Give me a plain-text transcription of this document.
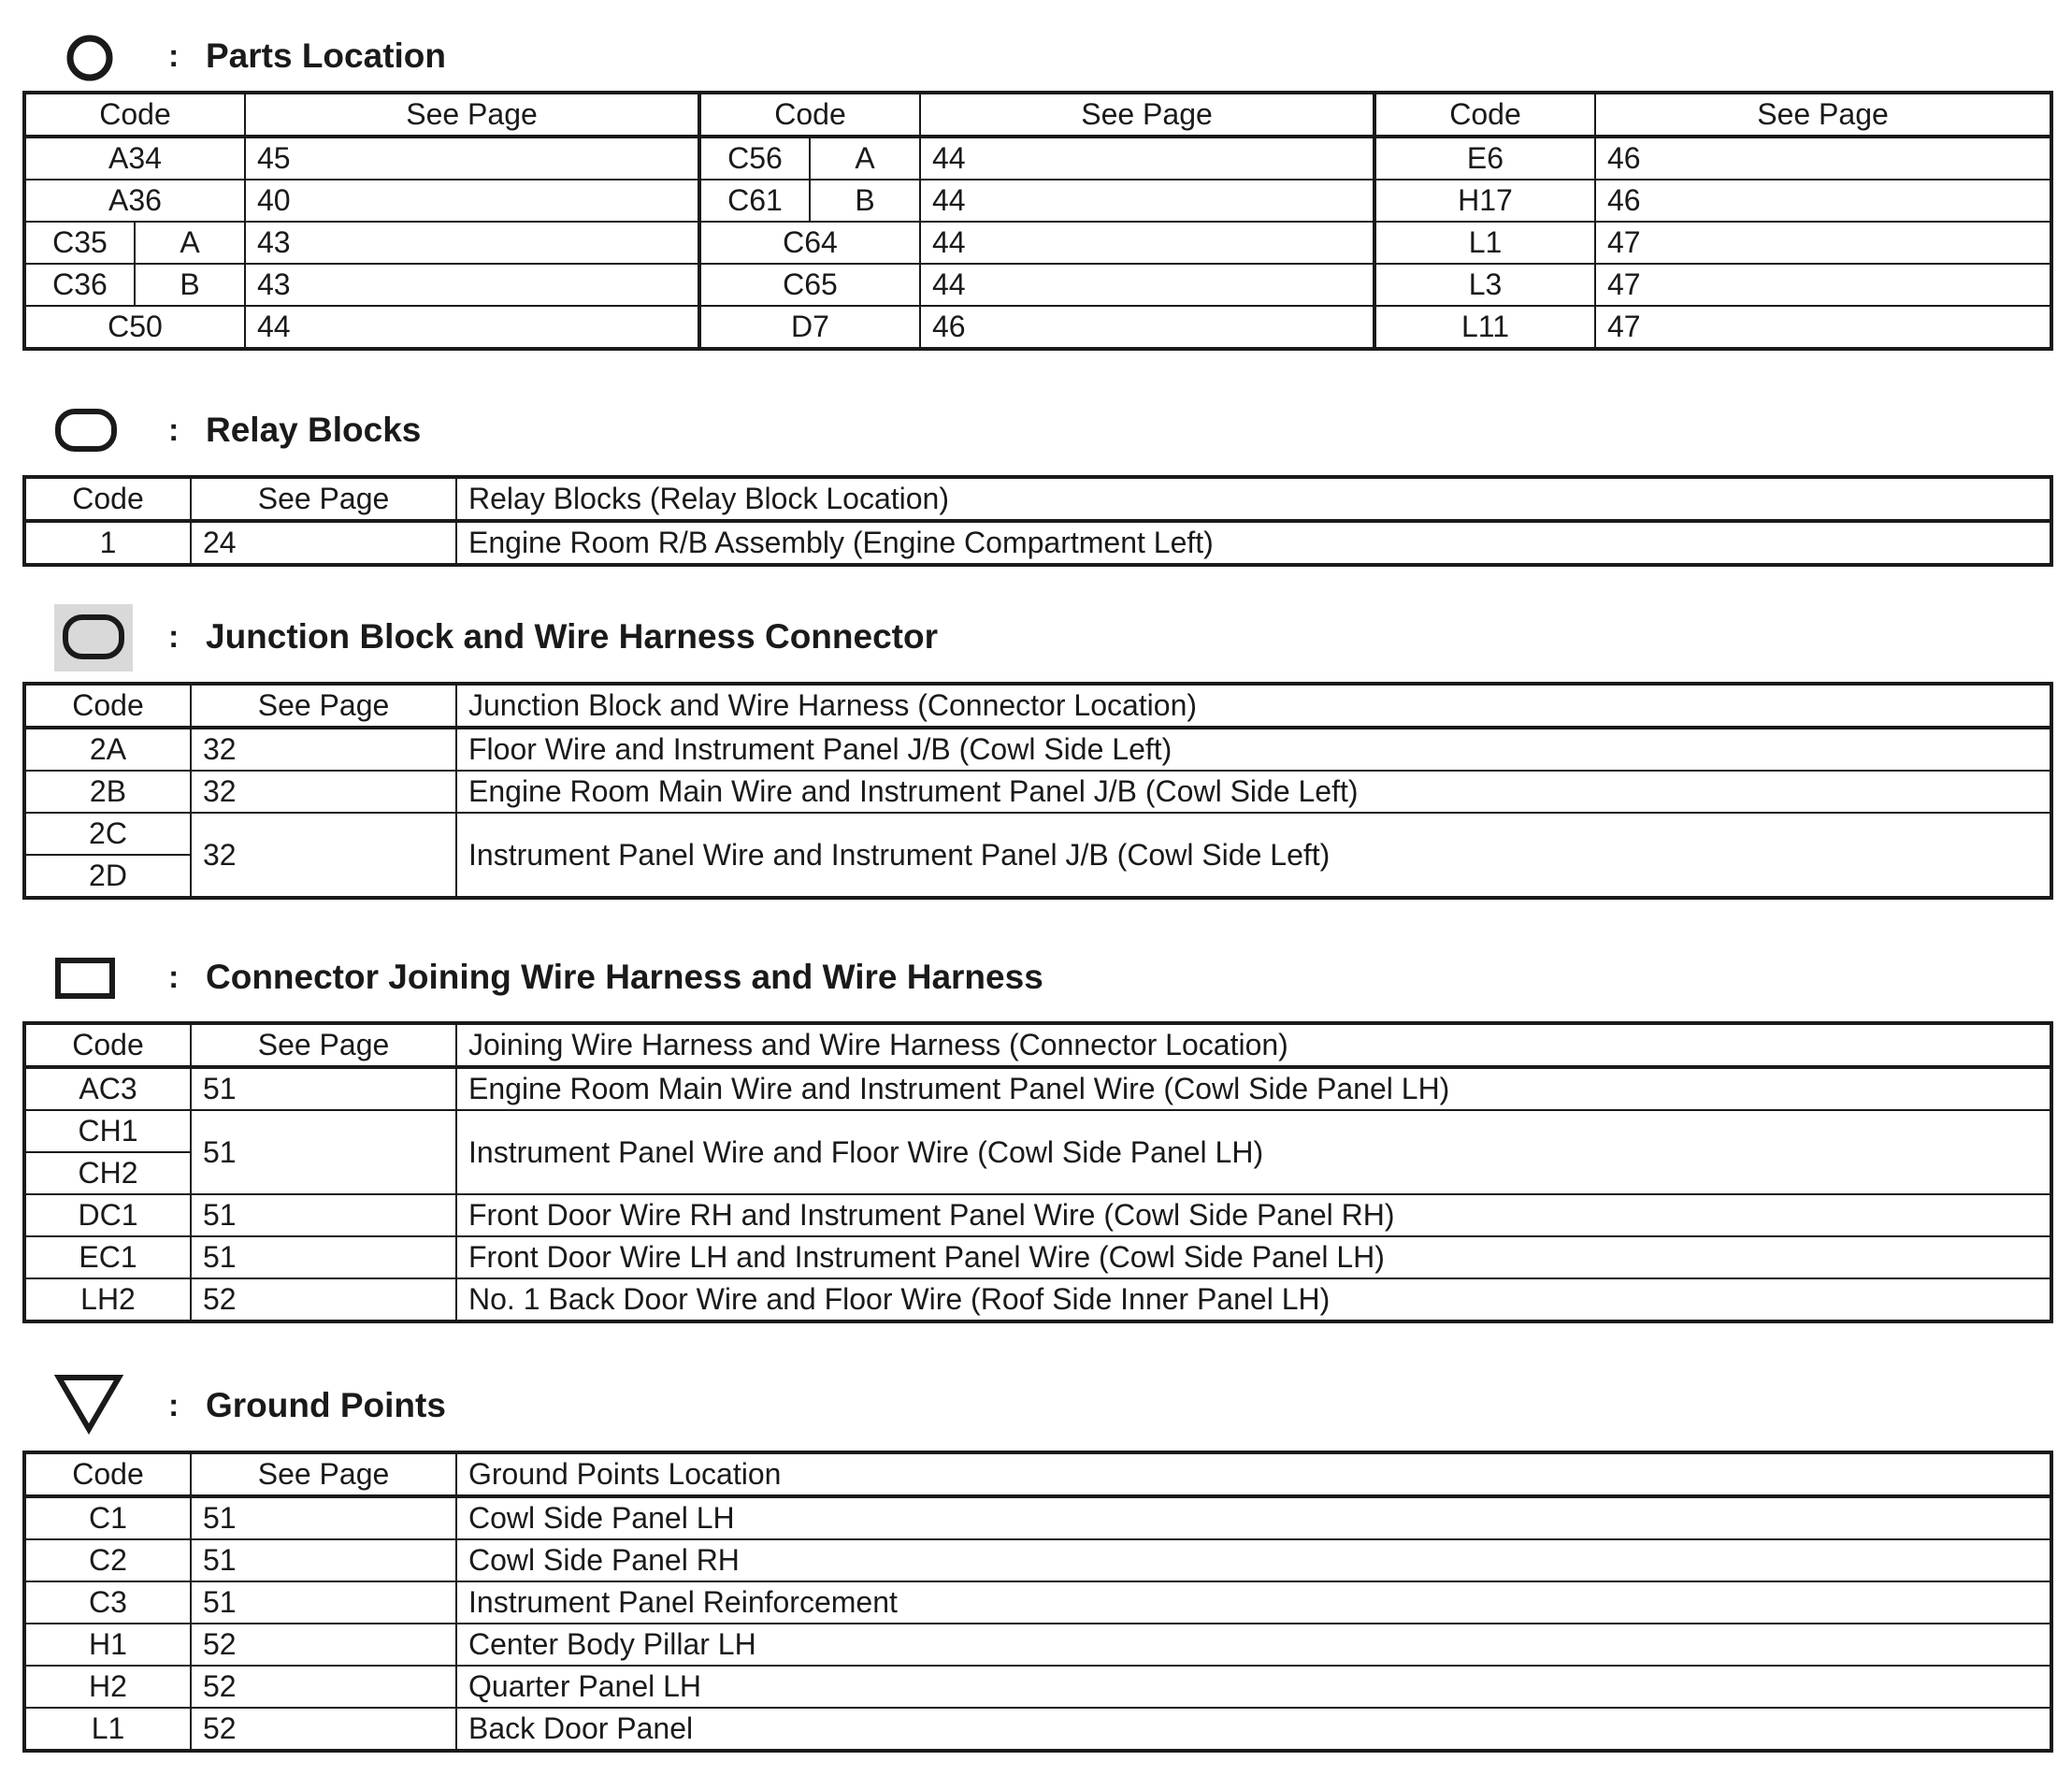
: Parts Location
Code		See Page	Code		See Page	Code	See Page
A34		45	C56	A	44	E6	46
A36		40	C61	B	44	H17	46
C35	A	43	C64		44	L1	47
C36	B	43	C65		44	L3	47
C50		44	D7		46	L11	47
: Relay Blocks
Code	See Page	Relay Blocks (Relay Block Location)
1	24	Engine Room R/B Assembly (Engine Compartment Left)
: Junction Block and Wire Harness Connector
Code	See Page	Junction Block and Wire Harness (Connector Location)
2A	32	Floor Wire and Instrument Panel J/B (Cowl Side Left)
2B	32	Engine Room Main Wire and Instrument Panel J/B (Cowl Side Left)
2C	32	Instrument Panel Wire and Instrument Panel J/B (Cowl Side Left)
2D		
: Connector Joining Wire Harness and Wire Harness
Code	See Page	Joining Wire Harness and Wire Harness (Connector Location)
AC3	51	Engine Room Main Wire and Instrument Panel Wire (Cowl Side Panel LH)
CH1	51	Instrument Panel Wire and Floor Wire (Cowl Side Panel LH)
CH2		
DC1	51	Front Door Wire RH and Instrument Panel Wire (Cowl Side Panel RH)
EC1	51	Front Door Wire LH and Instrument Panel Wire (Cowl Side Panel LH)
LH2	52	No. 1 Back Door Wire and Floor Wire (Roof Side Inner Panel LH)
: Ground Points
Code	See Page	Ground Points Location
C1	51	Cowl Side Panel LH
C2	51	Cowl Side Panel RH
C3	51	Instrument Panel Reinforcement
H1	52	Center Body Pillar LH
H2	52	Quarter Panel LH
L1	52	Back Door Panel
